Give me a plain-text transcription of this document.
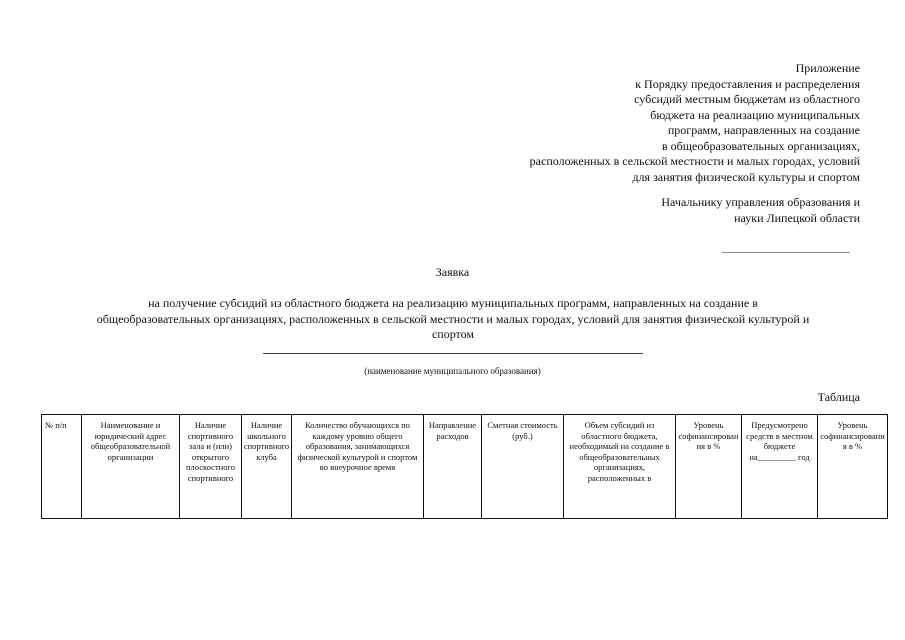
Приложение
к Порядку предоставления и распределения
субсидий местным бюджетам из областного
бюджета на реализацию муниципальных
программ, направленных на создание
в общеобразовательных организациях,
расположенных в сельской местности и малых городах, условий
для занятия физической культуры и спортом
Начальнику управления образования и
науки Липецкой области
Заявка
на получение субсидий из областного бюджета на реализацию муниципальных программ, направленных на создание в
общеобразовательных организациях, расположенных в сельской местности и малых городах, условий для занятия физической культурой и
спортом
(наименование муниципального образования)
Таблица
№ п/п	Наименование и юридический адрес общеобразовательной организации	Наличие спортивного зала и (или) открытого плоскостного спортивного	Наличие школьного спортивного клуба	Количество обучающихся по каждому уровню общего образования, занимающихся физической культурой и спортом во внеурочное время	Направление расходов	Сметная стоимость (руб.)	Объем субсидий из областного бюджета, необходимый на создание в общеобразовательных организациях, расположенных в	Уровень софинансирования в %	Предусмотрено средств в местном бюджете на_________ год	Уровень софинансирования в %
